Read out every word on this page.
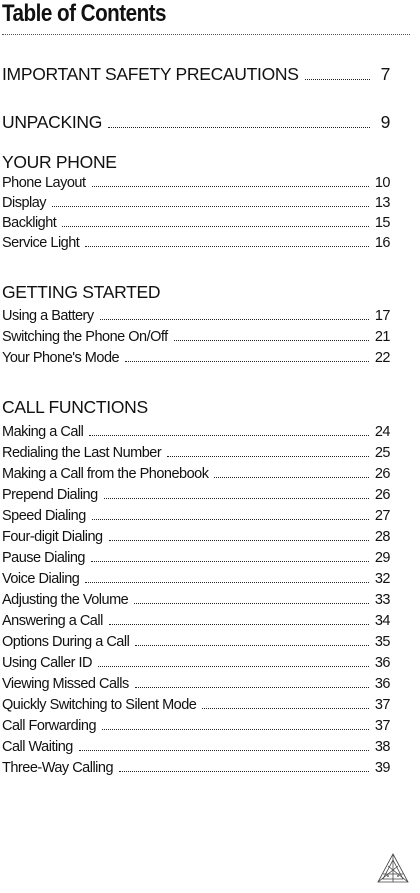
Table of Contents
IMPORTANT SAFETY PRECAUTIONS	7
UNPACKING	9
YOUR PHONE
Phone Layout	10
Display	13
Backlight	15
Service Light	16
GETTING STARTED
Using a Battery	17
Switching the Phone On/Off	21
Your Phone's Mode	22
CALL FUNCTIONS
Making a Call	24
Redialing the Last Number	25
Making a Call from the Phonebook	26
Prepend Dialing	26
Speed Dialing	27
Four-digit Dialing	28
Pause Dialing	29
Voice Dialing	32
Adjusting the Volume	33
Answering a Call	34
Options During a Call	35
Using Caller ID	36
Viewing Missed Calls	36
Quickly Switching to Silent Mode	37
Call Forwarding	37
Call Waiting	38
Three-Way Calling	39
